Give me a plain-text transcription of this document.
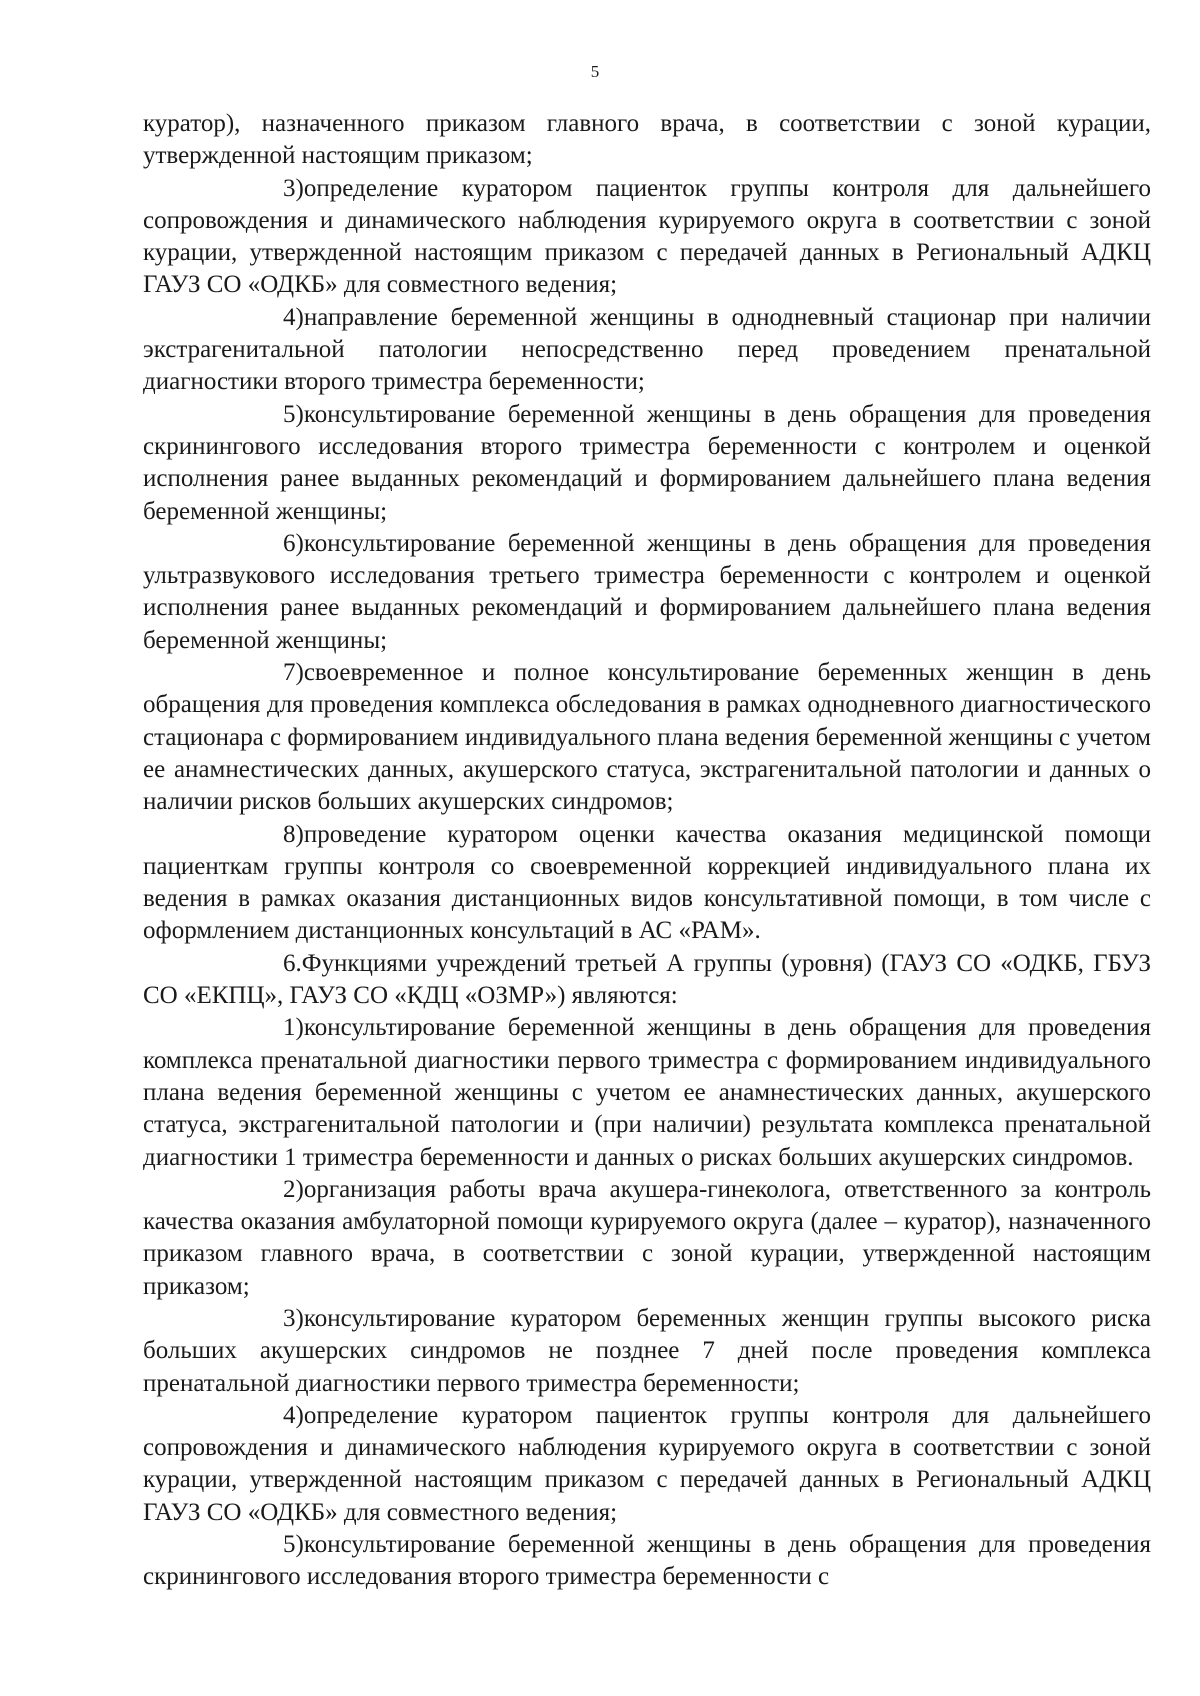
5

куратор), назначенного приказом главного врача, в соответствии с зоной курации, утвержденной настоящим приказом;

3)определение куратором пациенток группы контроля для дальнейшего сопровождения и динамического наблюдения курируемого округа в соответствии с зоной курации, утвержденной настоящим приказом с передачей данных в Региональный АДКЦ ГАУЗ СО «ОДКБ» для совместного ведения;

4)направление беременной женщины в однодневный стационар при наличии экстрагенитальной патологии непосредственно перед проведением пренатальной диагностики второго триместра беременности;

5)консультирование беременной женщины в день обращения для проведения скринингового исследования второго триместра беременности с контролем и оценкой исполнения ранее выданных рекомендаций и формированием дальнейшего плана ведения беременной женщины;

6)консультирование беременной женщины в день обращения для проведения ультразвукового исследования третьего триместра беременности с контролем и оценкой исполнения ранее выданных рекомендаций и формированием дальнейшего плана ведения беременной женщины;

7)своевременное и полное консультирование беременных женщин в день обращения для проведения комплекса обследования в рамках однодневного диагностического стационара с формированием индивидуального плана ведения беременной женщины с учетом ее анамнестических данных, акушерского статуса, экстрагенитальной патологии и данных о наличии рисков больших акушерских синдромов;

8)проведение куратором оценки качества оказания медицинской помощи пациенткам группы контроля со своевременной коррекцией индивидуального плана их ведения в рамках оказания дистанционных видов консультативной помощи, в том числе с оформлением дистанционных консультаций в АС «РАМ».

6.Функциями учреждений третьей А группы (уровня) (ГАУЗ СО «ОДКБ, ГБУЗ СО «ЕКПЦ», ГАУЗ СО «КДЦ «ОЗМР») являются:

1)консультирование беременной женщины в день обращения для проведения комплекса пренатальной диагностики первого триместра с формированием индивидуального плана ведения беременной женщины с учетом ее анамнестических данных, акушерского статуса, экстрагенитальной патологии и (при наличии) результата комплекса пренатальной диагностики 1 триместра беременности и данных о рисках больших акушерских синдромов.

2)организация работы врача акушера-гинеколога, ответственного за контроль качества оказания амбулаторной помощи курируемого округа (далее – куратор), назначенного приказом главного врача, в соответствии с зоной курации, утвержденной настоящим приказом;

3)консультирование куратором беременных женщин группы высокого риска больших акушерских синдромов не позднее 7 дней после проведения комплекса пренатальной диагностики первого триместра беременности;

4)определение куратором пациенток группы контроля для дальнейшего сопровождения и динамического наблюдения курируемого округа в соответствии с зоной курации, утвержденной настоящим приказом с передачей данных в Региональный АДКЦ ГАУЗ СО «ОДКБ» для совместного ведения;

5)консультирование беременной женщины в день обращения для проведения скринингового исследования второго триместра беременности с
